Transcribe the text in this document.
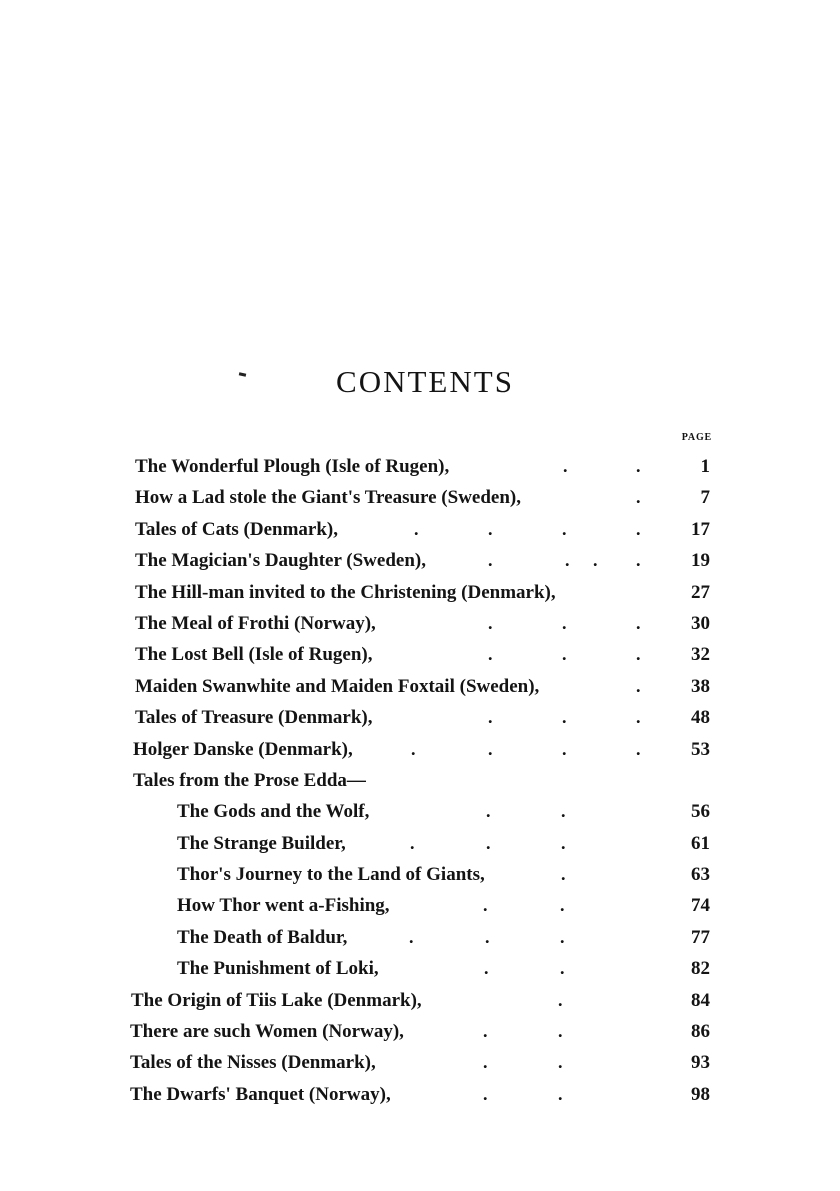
CONTENTS
PAGE
The Wonderful Plough (Isle of Rugen),	.	.	1
How a Lad stole the Giant's Treasure (Sweden),	.	7
Tales of Cats (Denmark),	.	.	.	.	17
The Magician's Daughter (Sweden),	.	. . .	19
The Hill-man invited to the Christening (Denmark),	27
The Meal of Frothi (Norway),	.	.	.	30
The Lost Bell (Isle of Rugen),	.	.	.	32
Maiden Swanwhite and Maiden Foxtail (Sweden),	.	38
Tales of Treasure (Denmark),	.	.	.	48
Holger Danske (Denmark),	.	.	.	.	53
Tales from the Prose Edda—
The Gods and the Wolf,	.	.	56
The Strange Builder,	.	.	.	61
Thor's Journey to the Land of Giants,	.	63
How Thor went a-Fishing,	.	.	74
The Death of Baldur,	.	.	.	77
The Punishment of Loki,	.	.	82
The Origin of Tiis Lake (Denmark),	.	84
There are such Women (Norway),	.	.	86
Tales of the Nisses (Denmark),	.	.	93
The Dwarfs' Banquet (Norway),	.	.	98
